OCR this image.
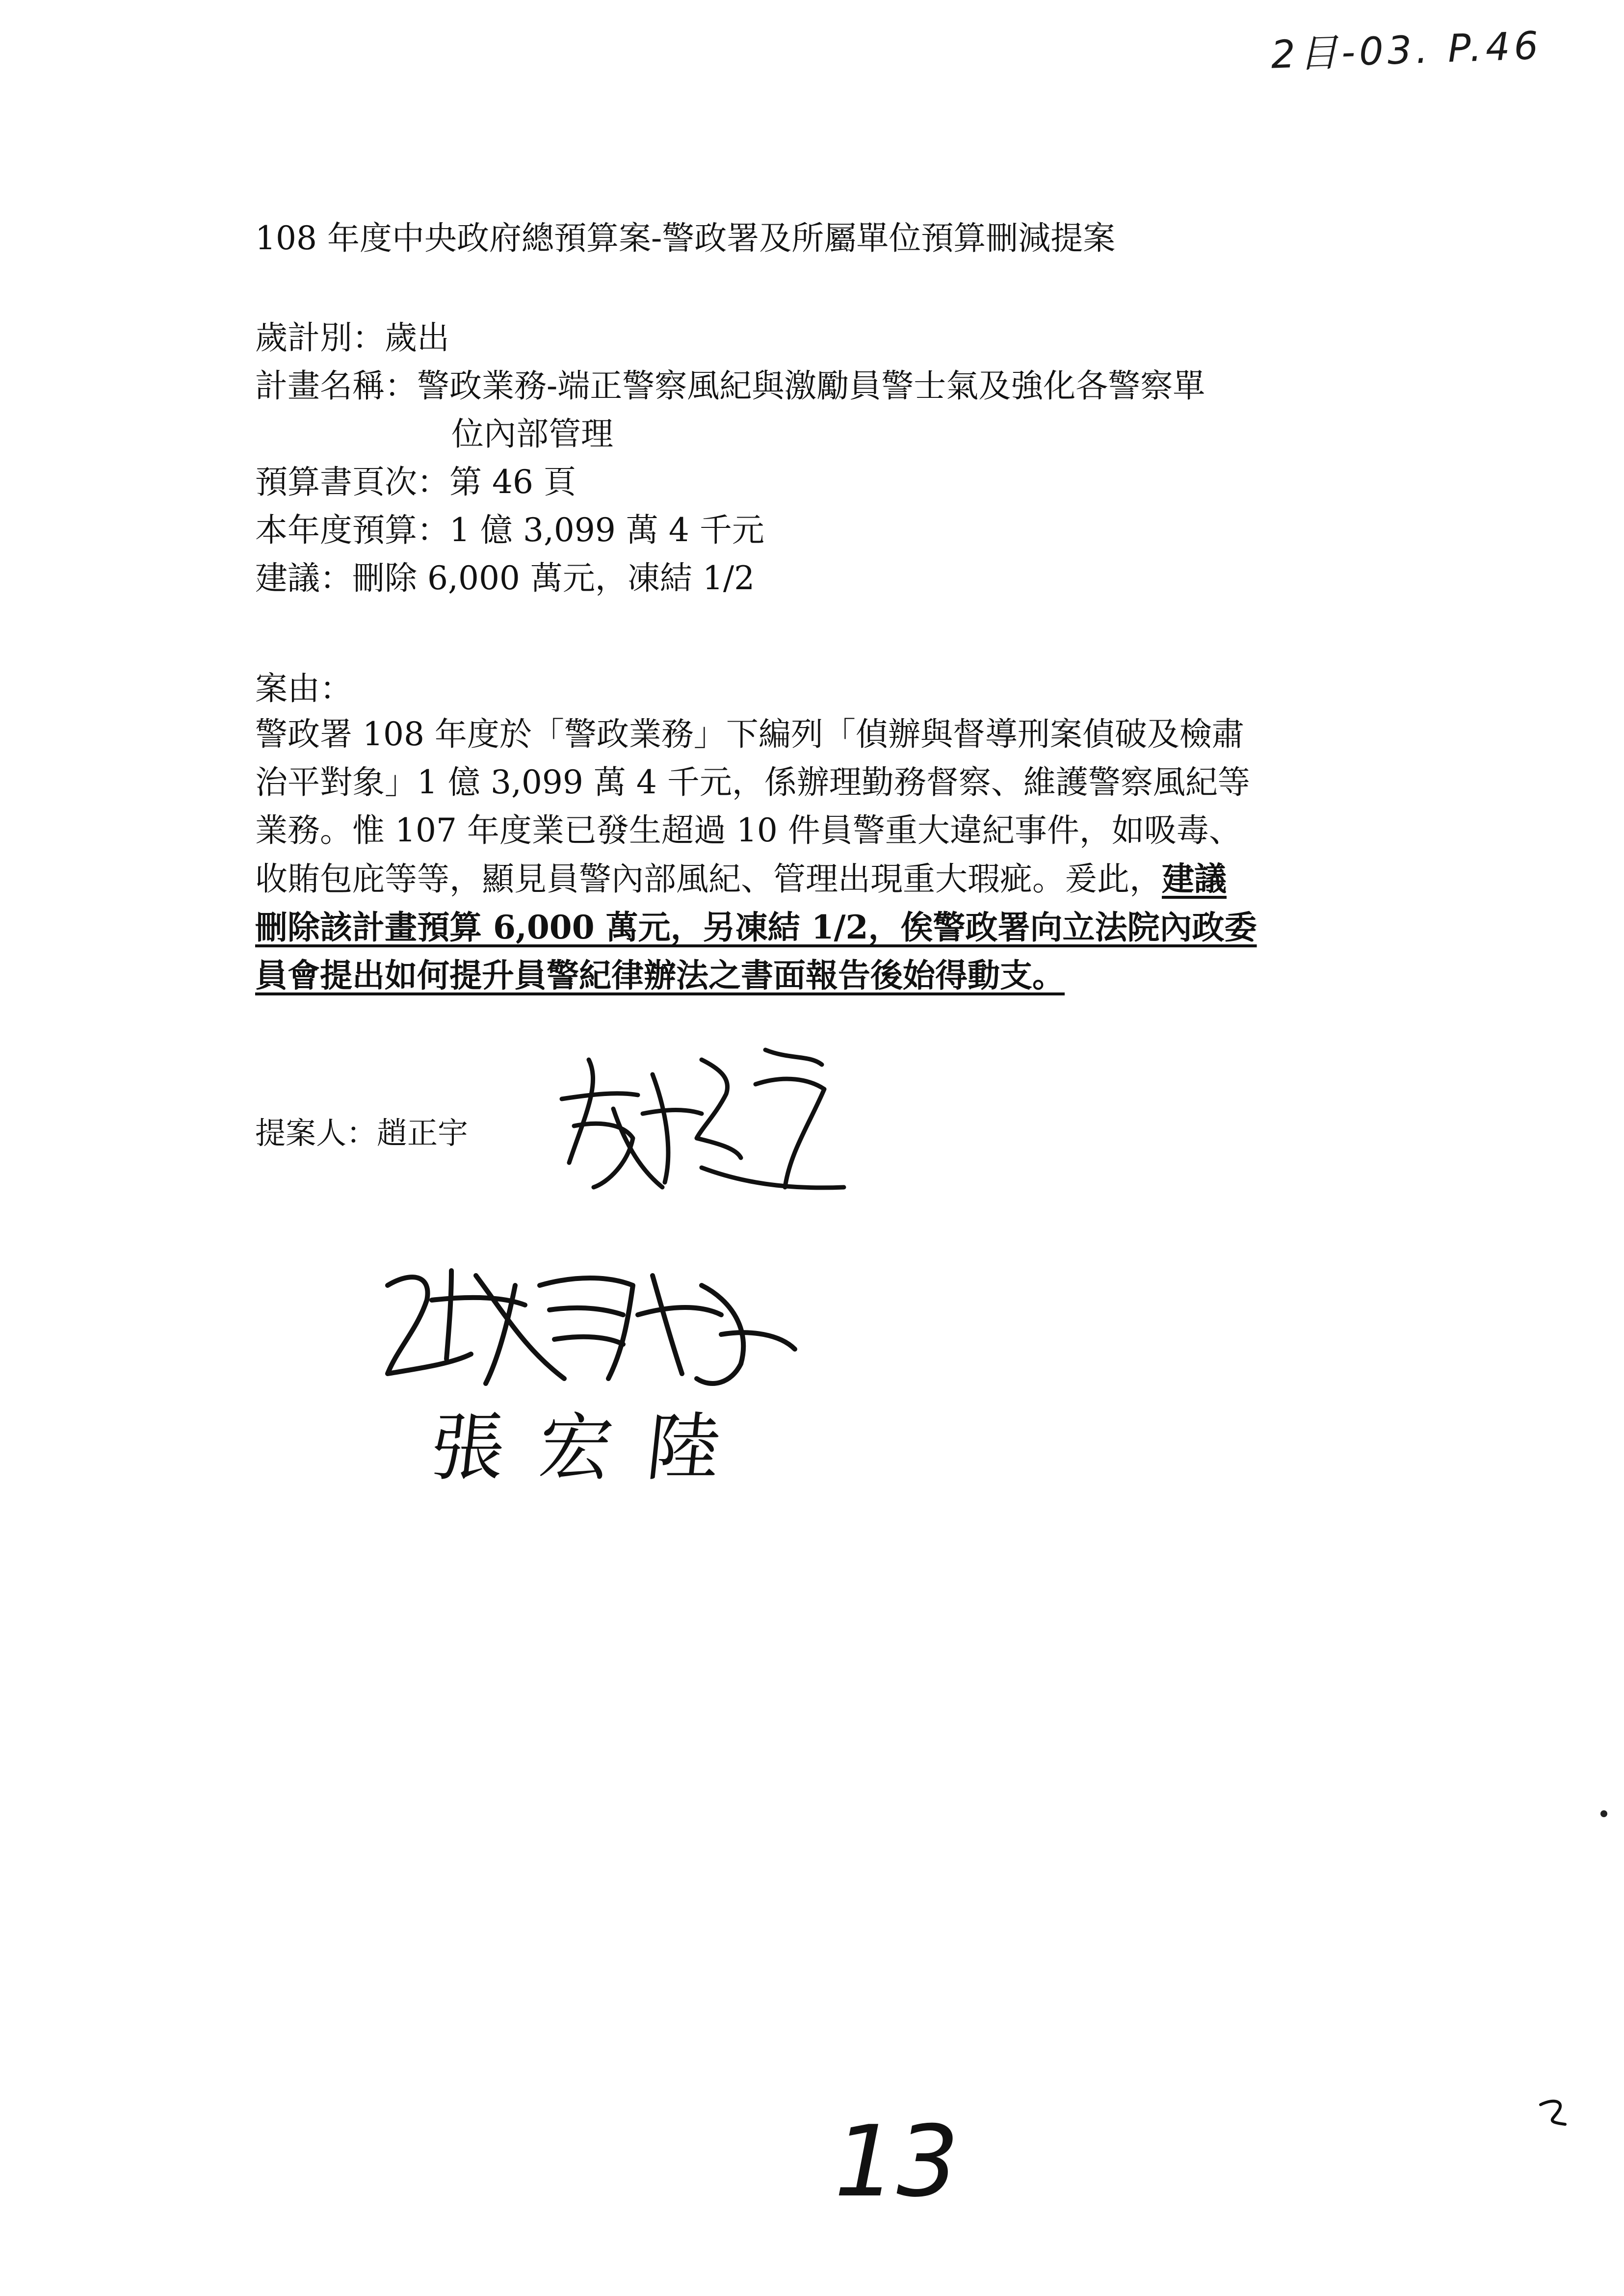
2目-03. P.46
108 年度中央政府總預算案-警政署及所屬單位預算刪減提案
歲計別：歲出
計畫名稱：警政業務-端正警察風紀與激勵員警士氣及強化各警察單
位內部管理
預算書頁次：第 46 頁
本年度預算：1 億 3,099 萬 4 千元
建議：刪除 6,000 萬元，凍結 1/2
案由：
警政署 108 年度於「警政業務」下編列「偵辦與督導刑案偵破及檢肅
治平對象」1 億 3,099 萬 4 千元，係辦理勤務督察、維護警察風紀等
業務。惟 107 年度業已發生超過 10 件員警重大違紀事件，如吸毒、
收賄包庇等等，顯見員警內部風紀、管理出現重大瑕疵。爰此，建議
刪除該計畫預算 6,000 萬元，另凍結 1/2，俟警政署向立法院內政委
員會提出如何提升員警紀律辦法之書面報告後始得動支。
提案人：趙正宇
張宏陸
13
